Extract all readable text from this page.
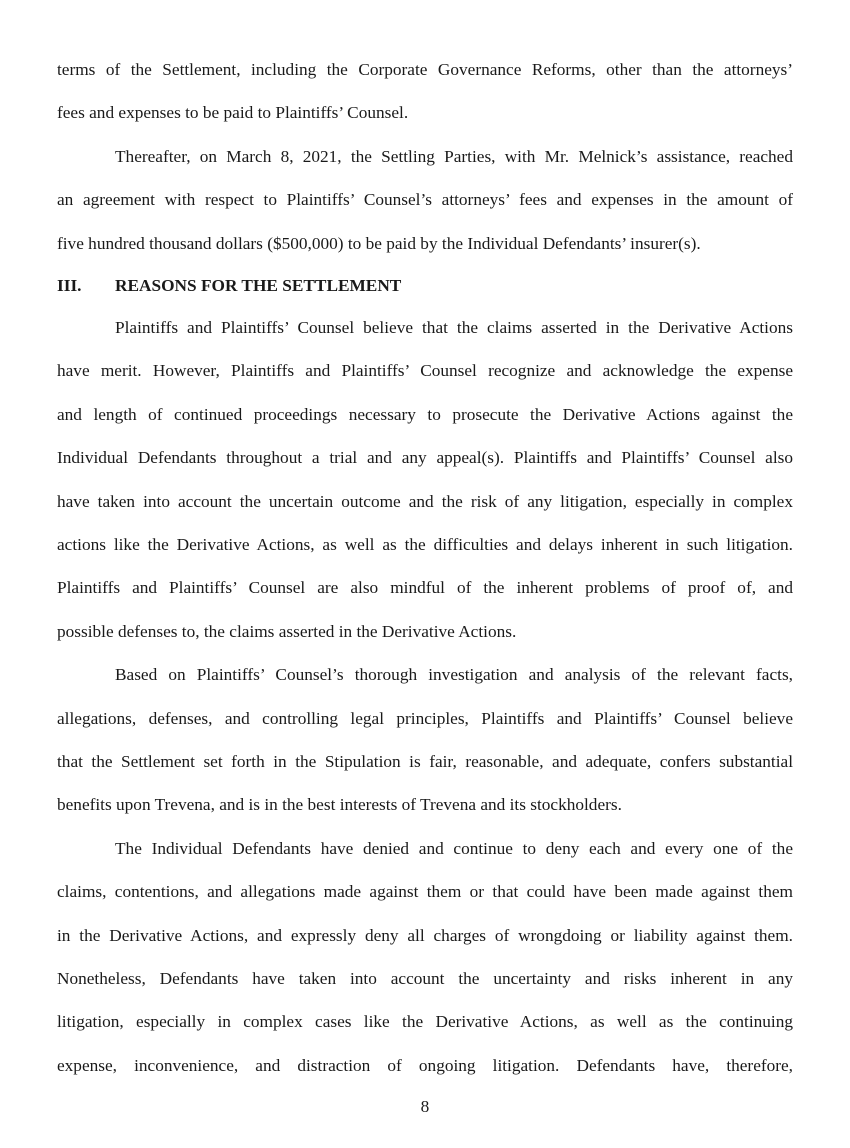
terms of the Settlement, including the Corporate Governance Reforms, other than the attorneys’
fees and expenses to be paid to Plaintiffs’ Counsel.
Thereafter, on March 8, 2021, the Settling Parties, with Mr. Melnick’s assistance, reached
an agreement with respect to Plaintiffs’ Counsel’s attorneys’ fees and expenses in the amount of
five hundred thousand dollars ($500,000) to be paid by the Individual Defendants’ insurer(s).
III. REASONS FOR THE SETTLEMENT
Plaintiffs and Plaintiffs’ Counsel believe that the claims asserted in the Derivative Actions
have merit. However, Plaintiffs and Plaintiffs’ Counsel recognize and acknowledge the expense
and length of continued proceedings necessary to prosecute the Derivative Actions against the
Individual Defendants throughout a trial and any appeal(s). Plaintiffs and Plaintiffs’ Counsel also
have taken into account the uncertain outcome and the risk of any litigation, especially in complex
actions like the Derivative Actions, as well as the difficulties and delays inherent in such litigation.
Plaintiffs and Plaintiffs’ Counsel are also mindful of the inherent problems of proof of, and
possible defenses to, the claims asserted in the Derivative Actions.
Based on Plaintiffs’ Counsel’s thorough investigation and analysis of the relevant facts,
allegations, defenses, and controlling legal principles, Plaintiffs and Plaintiffs’ Counsel believe
that the Settlement set forth in the Stipulation is fair, reasonable, and adequate, confers substantial
benefits upon Trevena, and is in the best interests of Trevena and its stockholders.
The Individual Defendants have denied and continue to deny each and every one of the
claims, contentions, and allegations made against them or that could have been made against them
in the Derivative Actions, and expressly deny all charges of wrongdoing or liability against them.
Nonetheless, Defendants have taken into account the uncertainty and risks inherent in any
litigation, especially in complex cases like the Derivative Actions, as well as the continuing
expense, inconvenience, and distraction of ongoing litigation. Defendants have, therefore,
8
